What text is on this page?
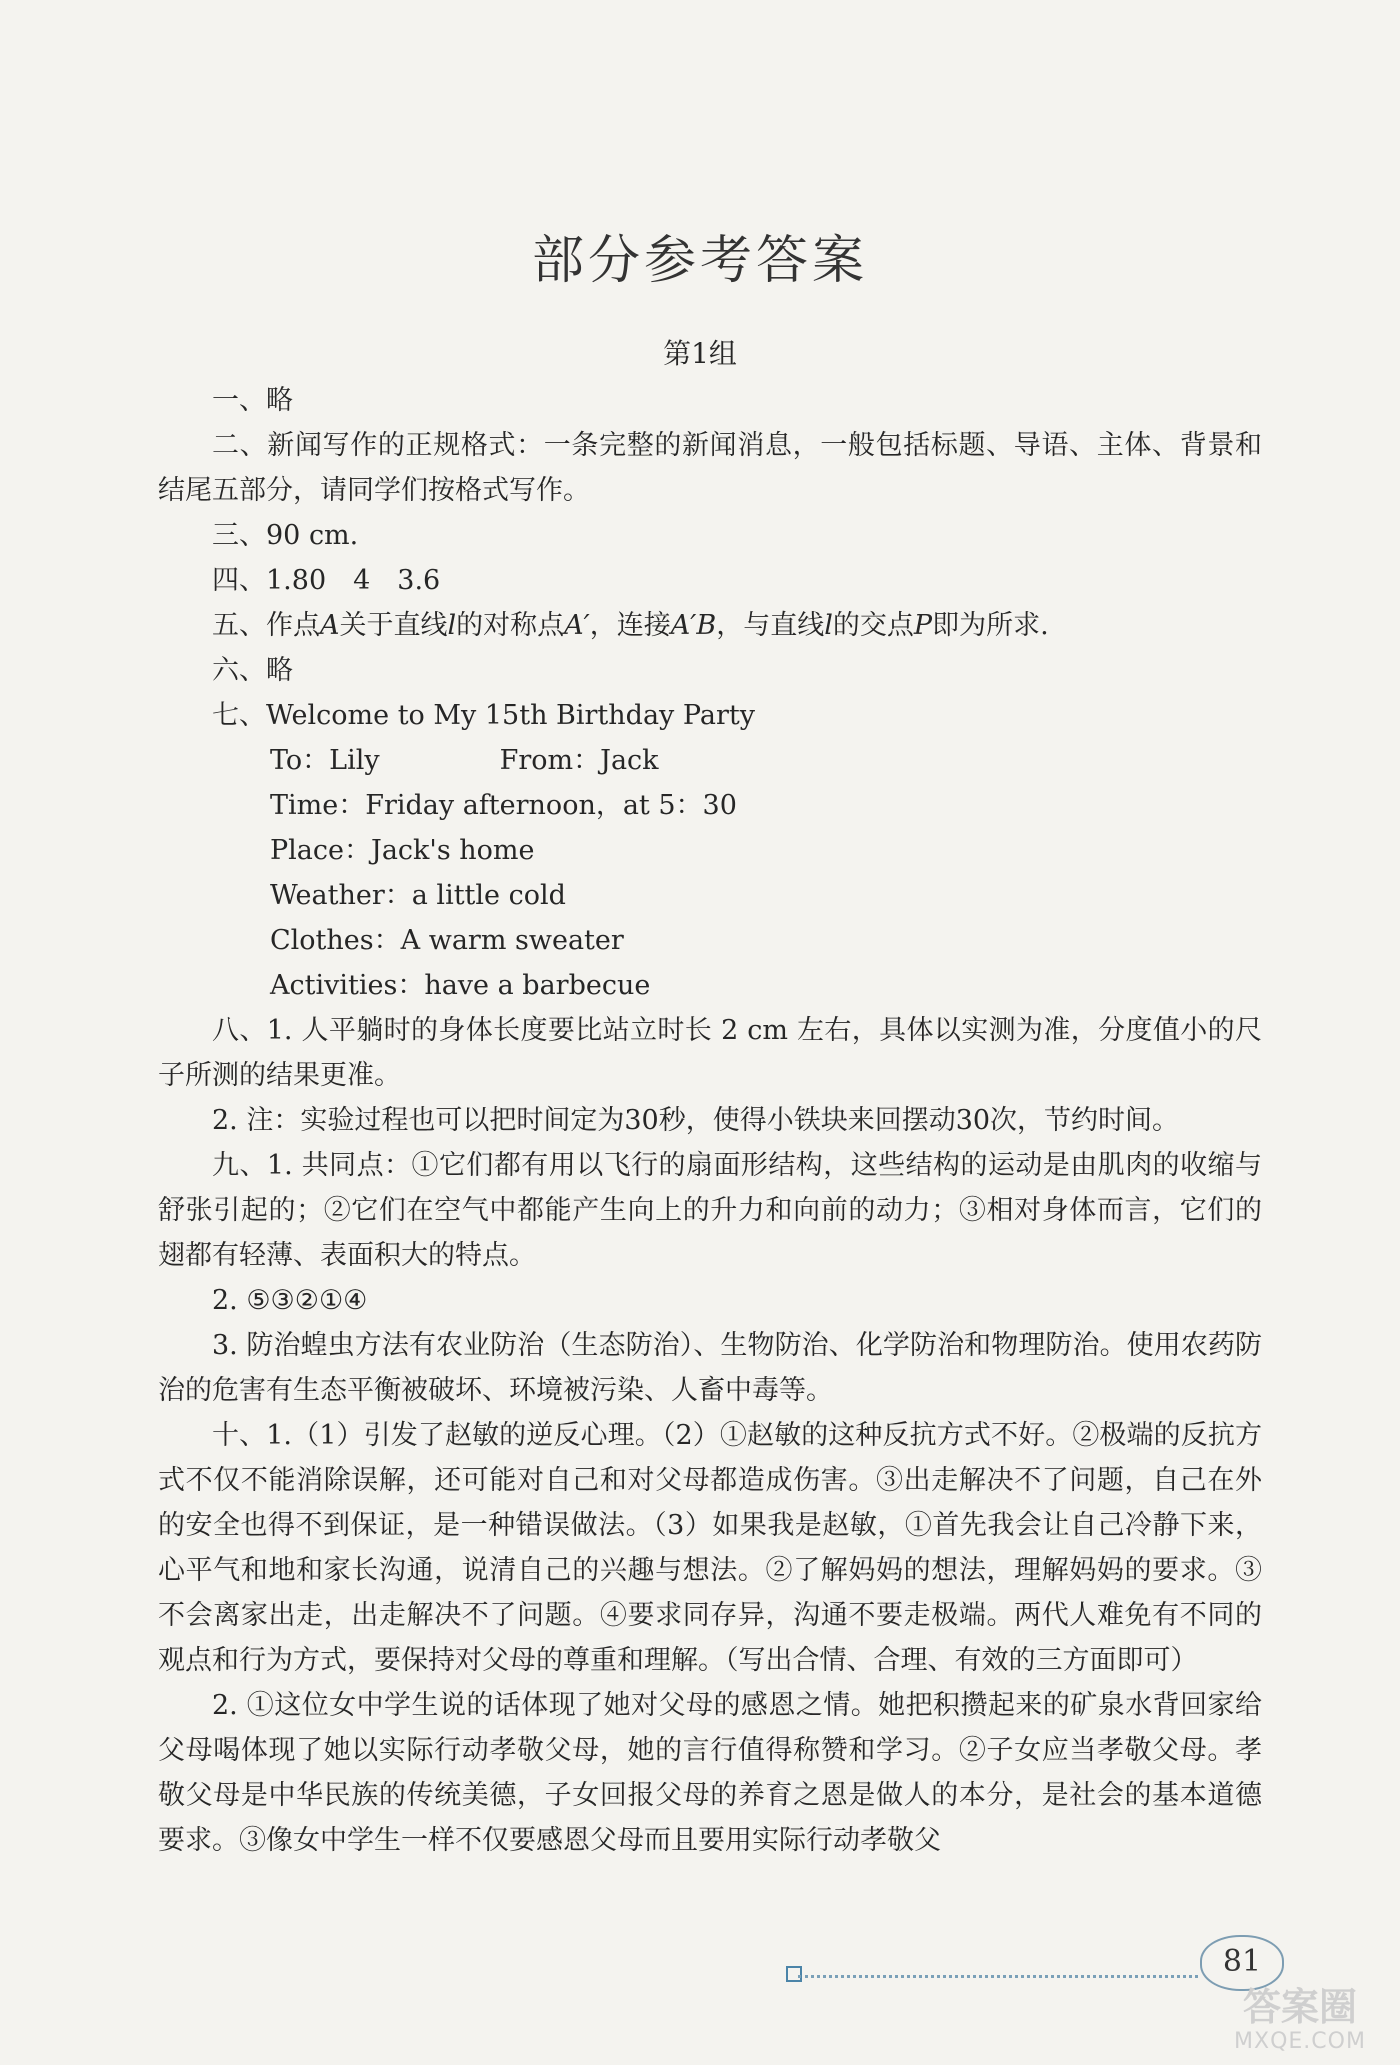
部分参考答案
第1组

一、略

二、新闻写作的正规格式：一条完整的新闻消息，一般包括标题、导语、主体、背景和结尾五部分，请同学们按格式写作。

三、90 cm.

四、1.80　4　3.6

五、作点A关于直线l的对称点A′，连接A′B，与直线l的交点P即为所求.

六、略

七、Welcome to My 15th Birthday Party

To：Lily	From：Jack

Time：Friday afternoon，at 5：30

Place：Jack's home

Weather：a little cold

Clothes：A warm sweater

Activities：have a barbecue

八、1. 人平躺时的身体长度要比站立时长 2 cm 左右，具体以实测为准，分度值小的尺子所测的结果更准。

2. 注：实验过程也可以把时间定为30秒，使得小铁块来回摆动30次，节约时间。

九、1. 共同点：①它们都有用以飞行的扇面形结构，这些结构的运动是由肌肉的收缩与舒张引起的；②它们在空气中都能产生向上的升力和向前的动力；③相对身体而言，它们的翅都有轻薄、表面积大的特点。

2. ⑤③②①④

3. 防治蝗虫方法有农业防治（生态防治）、生物防治、化学防治和物理防治。使用农药防治的危害有生态平衡被破坏、环境被污染、人畜中毒等。

十、1.（1）引发了赵敏的逆反心理。（2）①赵敏的这种反抗方式不好。②极端的反抗方式不仅不能消除误解，还可能对自己和对父母都造成伤害。③出走解决不了问题，自己在外的安全也得不到保证，是一种错误做法。（3）如果我是赵敏，①首先我会让自己冷静下来，心平气和地和家长沟通，说清自己的兴趣与想法。②了解妈妈的想法，理解妈妈的要求。③不会离家出走，出走解决不了问题。④要求同存异，沟通不要走极端。两代人难免有不同的观点和行为方式，要保持对父母的尊重和理解。（写出合情、合理、有效的三方面即可）

2. ①这位女中学生说的话体现了她对父母的感恩之情。她把积攒起来的矿泉水背回家给父母喝体现了她以实际行动孝敬父母，她的言行值得称赞和学习。②子女应当孝敬父母。孝敬父母是中华民族的传统美德，子女回报父母的养育之恩是做人的本分，是社会的基本道德要求。③像女中学生一样不仅要感恩父母而且要用实际行动孝敬父

81
答案圈
MXQE.COM
